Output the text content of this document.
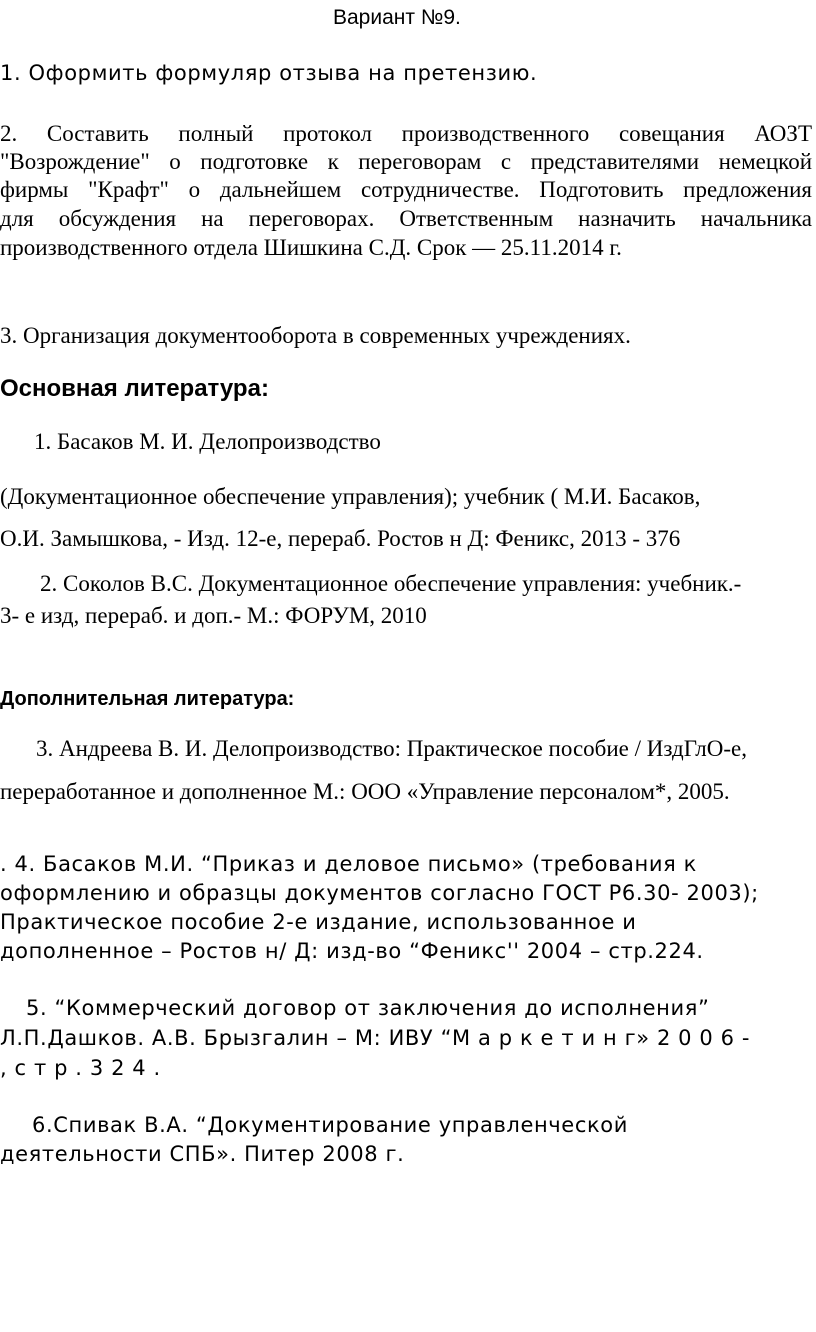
Вариант №9.
1. Оформить формуляр отзыва на претензию.
2. Составить полный протокол производственного совещания АОЗТ
"Возрождение" о подготовке к переговорам с представителями немецкой
фирмы "Крафт" о дальнейшем сотрудничестве. Подготовить предложения
для обсуждения на переговорах. Ответственным назначить начальника
производственного отдела Шишкина С.Д. Срок — 25.11.2014 г.
3. Организация документооборота в современных учреждениях.
Основная литература:
1. Басаков М. И. Делопроизводство
(Документационное обеспечение управления); учебник ( М.И. Басаков,
О.И. Замышкова, - Изд. 12-е, перераб. Ростов н Д: Феникс, 2013 - 376
2. Соколов В.С. Документационное обеспечение управления: учебник.-
3- е изд, перераб. и доп.- М.: ФОРУМ, 2010
Дополнительная литература:
3. Андреева В. И. Делопроизводство: Практическое пособие / ИздГлО-е,
переработанное и дополненное М.: ООО «Управление персоналом*, 2005.
. 4. Басаков М.И. “Приказ и деловое письмо» (требования к
оформлению и образцы документов согласно ГОСТ Р6.30- 2003);
Практическое пособие 2-е издание, использованное и
дополненное – Ростов н/ Д: изд-во “Феникс'' 2004 – стр.224.
5. “Коммерческий договор от заключения до исполнения”
Л.П.Дашков. А.В. Брызгалин – М: ИВУ “М а р к е т и н г» 2 0 0 6 -
, с т р . 3 2 4 .
6.Спивак В.А. “Документирование управленческой
деятельности СПБ». Питер 2008 г.
